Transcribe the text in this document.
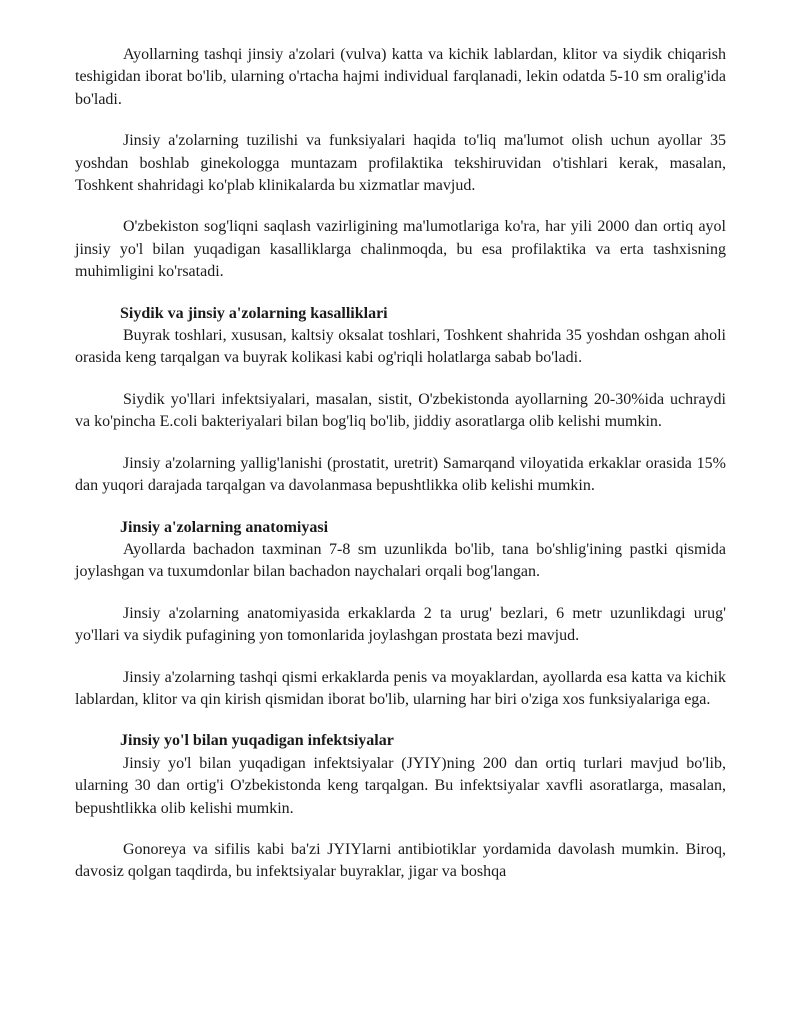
Ayollarning tashqi jinsiy a'zolari (vulva) katta va kichik lablardan, klitor va siydik chiqarish teshigidan iborat bo'lib, ularning o'rtacha hajmi individual farqlanadi, lekin odatda 5-10 sm oralig'ida bo'ladi.

Jinsiy a'zolarning tuzilishi va funksiyalari haqida to'liq ma'lumot olish uchun ayollar 35 yoshdan boshlab ginekologga muntazam profilaktika tekshiruvidan o'tishlari kerak, masalan, Toshkent shahridagi ko'plab klinikalarda bu xizmatlar mavjud.

O'zbekiston sog'liqni saqlash vazirligining ma'lumotlariga ko'ra, har yili 2000 dan ortiq ayol jinsiy yo'l bilan yuqadigan kasalliklarga chalinmoqda, bu esa profilaktika va erta tashxisning muhimligini ko'rsatadi.

Siydik va jinsiy a'zolarning kasalliklari

Buyrak toshlari, xususan, kaltsiy oksalat toshlari, Toshkent shahrida 35 yoshdan oshgan aholi orasida keng tarqalgan va buyrak kolikasi kabi og'riqli holatlarga sabab bo'ladi.

Siydik yo'llari infektsiyalari, masalan, sistit, O'zbekistonda ayollarning 20-30%ida uchraydi va ko'pincha E.coli bakteriyalari bilan bog'liq bo'lib, jiddiy asoratlarga olib kelishi mumkin.

Jinsiy a'zolarning yallig'lanishi (prostatit, uretrit) Samarqand viloyatida erkaklar orasida 15% dan yuqori darajada tarqalgan va davolanmasa bepushtlikka olib kelishi mumkin.

Jinsiy a'zolarning anatomiyasi

Ayollarda bachadon taxminan 7-8 sm uzunlikda bo'lib, tana bo'shlig'ining pastki qismida joylashgan va tuxumdonlar bilan bachadon naychalari orqali bog'langan.

Jinsiy a'zolarning anatomiyasida erkaklarda 2 ta urug' bezlari, 6 metr uzunlikdagi urug' yo'llari va siydik pufagining yon tomonlarida joylashgan prostata bezi mavjud.

Jinsiy a'zolarning tashqi qismi erkaklarda penis va moyaklardan, ayollarda esa katta va kichik lablardan, klitor va qin kirish qismidan iborat bo'lib, ularning har biri o'ziga xos funksiyalariga ega.

Jinsiy yo'l bilan yuqadigan infektsiyalar

Jinsiy yo'l bilan yuqadigan infektsiyalar (JYIY)ning 200 dan ortiq turlari mavjud bo'lib, ularning 30 dan ortig'i O'zbekistonda keng tarqalgan. Bu infektsiyalar xavfli asoratlarga, masalan, bepushtlikka olib kelishi mumkin.

Gonoreya va sifilis kabi ba'zi JYIYlarni antibiotiklar yordamida davolash mumkin. Biroq, davosiz qolgan taqdirda, bu infektsiyalar buyraklar, jigar va boshqa
